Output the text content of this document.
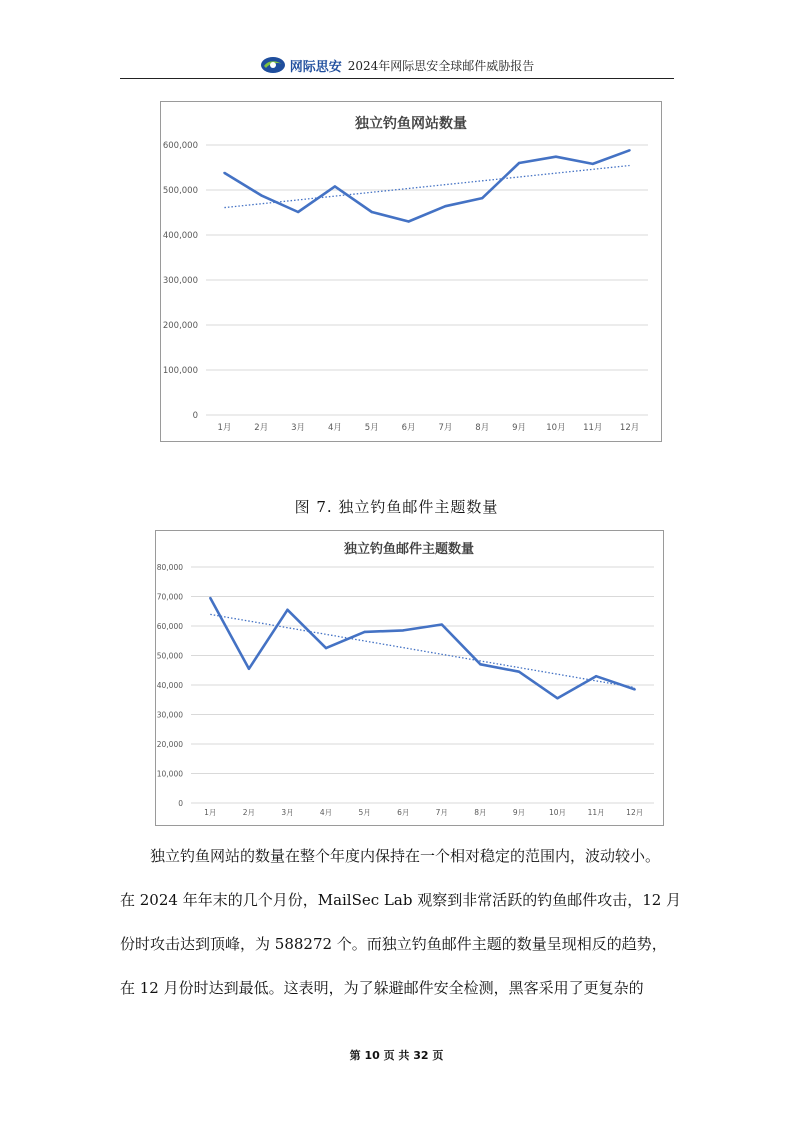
网际思安 2024年网际思安全球邮件威胁报告
独立钓鱼网站数量
0
100,000
200,000
300,000
400,000
500,000
600,000
1月	2月	3月	4月	5月	6月	7月	8月	9月 10月 11月 12月
图 7. 独立钓鱼邮件主题数量
独立钓鱼邮件主题数量
0
10,000
20,000
30,000
40,000
50,000
60,000
70,000
80,000
1月	2月	3月	4月	5月	6月	7月	8月	9月	10月	11月	12月
独立钓鱼网站的数量在整个年度内保持在一个相对稳定的范围内，波动较小。
在 2024 年年末的几个月份，MailSec Lab 观察到非常活跃的钓鱼邮件攻击，12 月
份时攻击达到顶峰，为 588272 个。而独立钓鱼邮件主题的数量呈现相反的趋势，
在 12 月份时达到最低。这表明，为了躲避邮件安全检测，黑客采用了更复杂的
第 10 页 共 32 页
